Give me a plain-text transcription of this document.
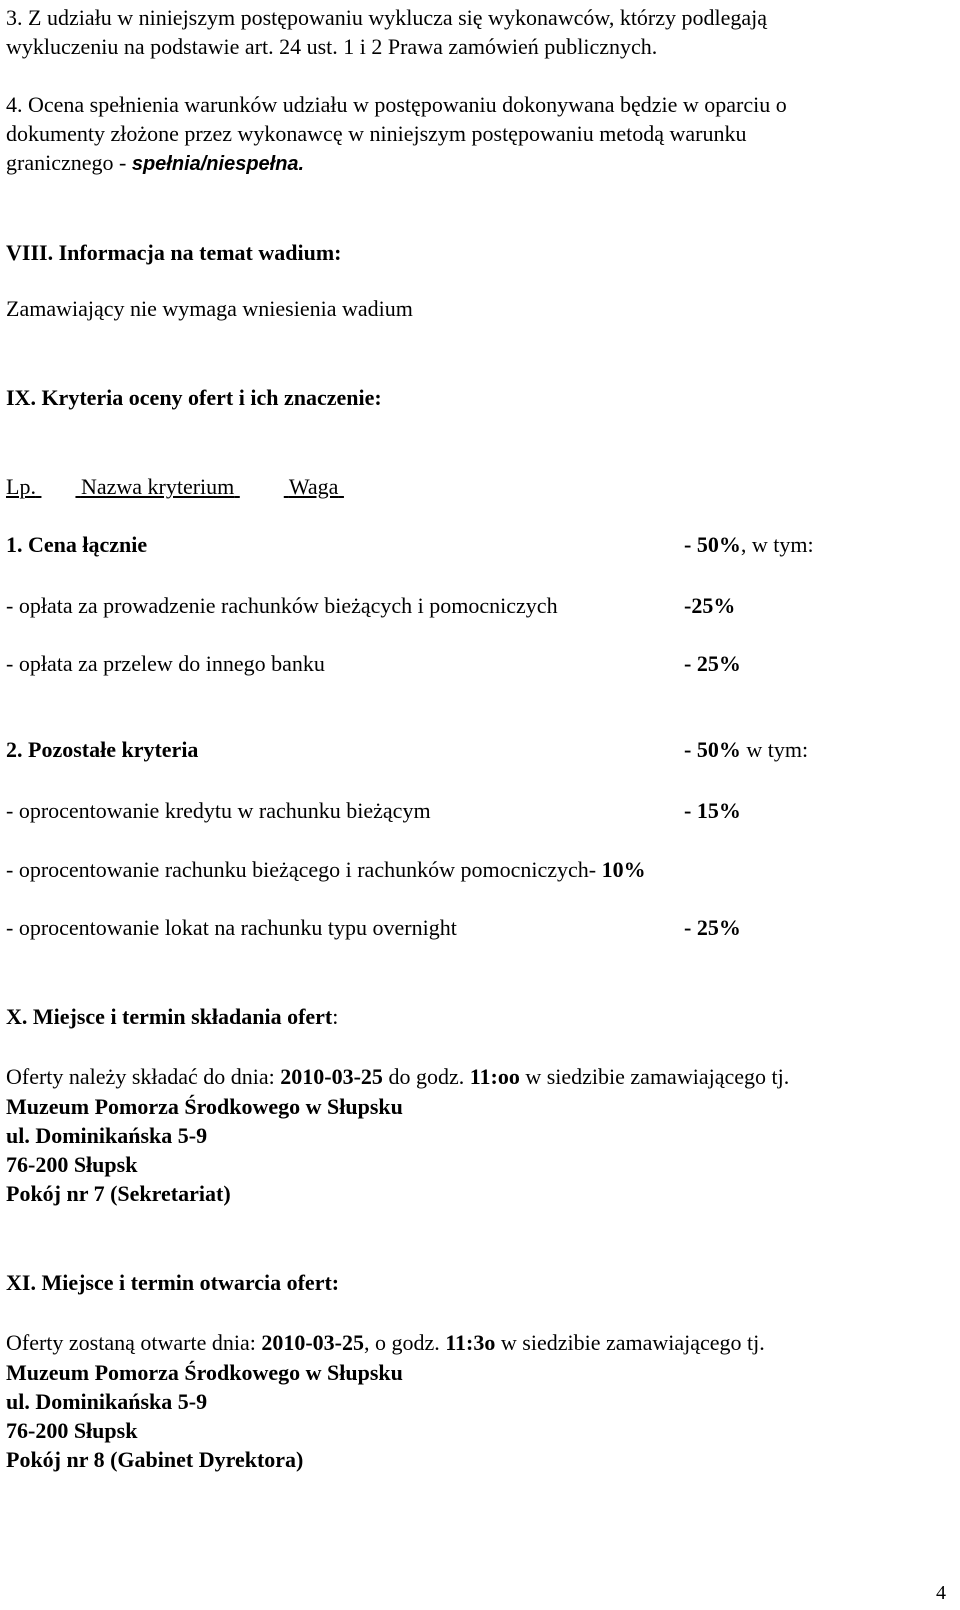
3. Z udziału w niniejszym postępowaniu wyklucza się wykonawców, którzy podlegają
wykluczeniu na podstawie art. 24 ust. 1 i 2 Prawa zamówień publicznych.
4. Ocena spełnienia warunków udziału w postępowaniu dokonywana będzie w oparciu o
dokumenty złożone przez wykonawcę w niniejszym postępowaniu metodą warunku
granicznego - spełnia/niespełna.
VIII. Informacja na temat wadium:
Zamawiający nie wymaga wniesienia wadium
IX. Kryteria oceny ofert i ich znaczenie:
Lp. Nazwa kryterium Waga
1. Cena łącznie	- 50%, w tym:
- opłata za prowadzenie rachunków bieżących i pomocniczych	-25%
- opłata za przelew do innego banku	- 25%
2. Pozostałe kryteria	- 50% w tym:
- oprocentowanie kredytu w rachunku bieżącym	- 15%
- oprocentowanie rachunku bieżącego i rachunków pomocniczych- 10%
- oprocentowanie lokat na rachunku typu overnight	- 25%
X. Miejsce i termin składania ofert:
Oferty należy składać do dnia: 2010-03-25 do godz. 11:oo w siedzibie zamawiającego tj.
Muzeum Pomorza Środkowego w Słupsku
ul. Dominikańska 5-9
76-200 Słupsk
Pokój nr 7 (Sekretariat)
XI. Miejsce i termin otwarcia ofert:
Oferty zostaną otwarte dnia: 2010-03-25, o godz. 11:3o w siedzibie zamawiającego tj.
Muzeum Pomorza Środkowego w Słupsku
ul. Dominikańska 5-9
76-200 Słupsk
Pokój nr 8 (Gabinet Dyrektora)
4
